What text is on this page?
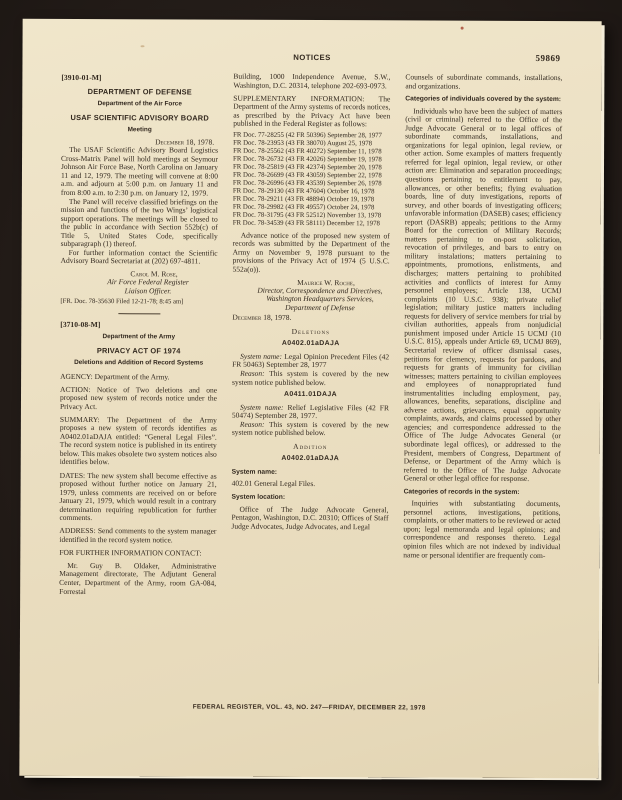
NOTICES	59869
[3910-01-M]
DEPARTMENT OF DEFENSE
Department of the Air Force
USAF SCIENTIFIC ADVISORY BOARD
Meeting

December 18, 1978.

The USAF Scientific Advisory Board Logistics Cross-Matrix Panel will hold meetings at Seymour Johnson Air Force Base, North Carolina on January 11 and 12, 1979. The meeting will convene at 8:00 a.m. and adjourn at 5:00 p.m. on January 11 and from 8:00 a.m. to 2:30 p.m. on January 12, 1979.

The Panel will receive classified briefings on the mission and functions of the two Wings’ logistical support operations. The meetings will be closed to the public in accordance with Section 552b(c) of Title 5, United States Code, specifically subparagraph (1) thereof.

For further information contact the Scientific Advisory Board Secretariat at (202) 697-4811.

Carol M. Rose,

Air Force Federal Register

Liaison Officer.

[FR. Doc. 78-35630 Filed 12-21-78; 8:45 am]

[3710-08-M]
Department of the Army
PRIVACY ACT OF 1974
Deletions and Addition of Record Systems

AGENCY: Department of the Army.

ACTION: Notice of Two deletions and one proposed new system of records notice under the Privacy Act.

SUMMARY: The Department of the Army proposes a new system of records identifies as A0402.01aDAJA entitled: “General Legal Files”. The record system notice is published in its entirety below. This makes obsolete two system notices also identifies below.

DATES: The new system shall become effective as proposed without further notice on January 21, 1979, unless comments are received on or before January 21, 1979, which would result in a contrary determination requiring republication for further comments.

ADDRESS: Send comments to the system manager identified in the record system notice.

FOR FURTHER INFORMATION CONTACT:

Mr. Guy B. Oldaker, Administrative Management directorate, The Adjutant General Center, Department of the Army, room GA-084, Forrestal

Building, 1000 Independence Avenue, S.W., Washington, D.C. 20314, telephone 202-693-0973.

SUPPLEMENTARY INFORMATION: The Department of the Army systems of records notices, as prescribed by the Privacy Act have been published in the Federal Register as follows:

FR Doc. 77-28255 (42 FR 50396) September 28, 1977
FR Doc. 78-23953 (43 FR 38070) August 25, 1978
FR Doc. 78-25562 (43 FR 40272) September 11, 1978
FR Doc. 78-26732 (43 FR 42026) September 19, 1978
FR Doc. 78-25819 (43 FR 42374) September 20, 1978
FR Doc. 78-26699 (43 FR 43059) September 22, 1978
FR Doc. 78-26996 (43 FR 43539) September 26, 1978
FR Doc. 78-29130 (43 FR 47604) October 16, 1978
FR Doc. 78-29211 (43 FR 48894) October 19, 1978
FR Doc. 78-29982 (43 FR 49557) October 24, 1978
FR Doc. 78-31795 (43 FR 52512) November 13, 1978
FR Doc. 78-34539 (43 FR 58111) December 12, 1978

Advance notice of the proposed new system of records was submitted by the Department of the Army on November 9, 1978 pursuant to the provisions of the Privacy Act of 1974 (5 U.S.C. 552a(o)).

Maurice W. Roche,

Director, Correspondence and Directives, Washington Headquarters Services, Department of Defense

December 18, 1978.

Deletions
A0402.01aDAJA

System name: Legal Opinion Precedent Files (42 FR 50463) September 28, 1977

Reason: This system is covered by the new system notice published below.

A0411.01DAJA

System name: Relief Legislative Files (42 FR 50474) September 28, 1977.

Reason: This system is covered by the new system notice published below.

Addition
A0402.01aDAJA
System name:

402.01 General Legal Files.

System location:

Office of The Judge Advocate General, Pentagon, Washington, D.C. 20310; Offices of Staff Judge Advocates, Judge Advocates, and Legal

Counsels of subordinate commands, installations, and organizations.

Categories of individuals covered by the system:

Individuals who have been the subject of matters (civil or criminal) referred to the Office of the Judge Advocate General or to legal offices of subordinate commands, installations, and organizations for legal opinion, legal review, or other action. Some examples of matters frequently referred for legal opinion, legal review, or other action are: Elimination and separation proceedings; questions pertaining to entitlement to pay, allowances, or other benefits; flying evaluation boards, line of duty investigations, reports of survey, and other boards of investigating officers; unfavorable information (DASEB) cases; efficiency report (DASRB) appeals; petitions to the Army Board for the correction of Military Records; matters pertaining to on-post solicitation, revocation of privileges, and bars to entry on military instalations; matters pertaining to appointments, promotions, enlistments, and discharges; matters pertaining to prohibited activities and conflicts of interest for Army personnel employees; Article 138, UCMJ complaints (10 U.S.C. 938); private relief legislation; military justice matters including requests for delivery of service members for trial by civilian authorities, appeals from nonjudicial punishment imposed under Article 15 UCMJ (10 U.S.C. 815), appeals under Article 69, UCMJ 869), Secretarial review of officer dismissal cases, petitions for clemency, requests for pardons, and requests for grants of immunity for civilian witnesses; matters pertaining to civilian employees and employees of nonappropriated fund instrumentalities including employment, pay, allowances, benefits, separations, discipline and adverse actions, grievances, equal opportunity complaints, awards, and claims processed by other agencies; and correspondence addressed to the Office of The Judge Advocates General (or subordinate legal offices), or addressed to the President, members of Congress, Department of Defense, or Department of the Army which is referred to the Office of The Judge Advocate General or other legal office for response.

Categories of records in the system:

Inquiries with substantiating documents, personnel actions, investigations, petitions, complaints, or other matters to be reviewed or acted upon; legal memoranda and legal opinions; and correspondence and responses thereto. Legal opinion files which are not indexed by individual name or personal identifier are frequently com-

FEDERAL REGISTER, VOL. 43, NO. 247—FRIDAY, DECEMBER 22, 1978
